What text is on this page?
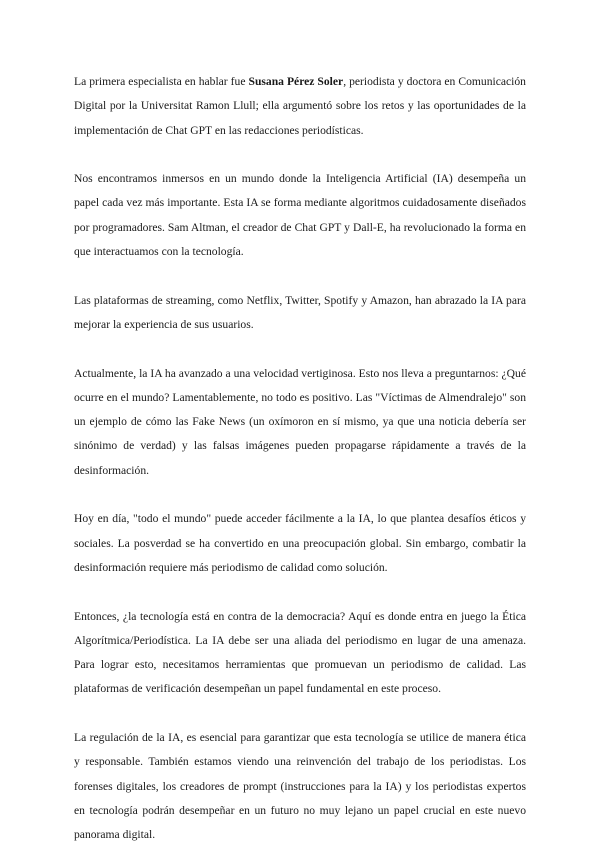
La primera especialista en hablar fue Susana Pérez Soler, periodista y doctora en Comunicación Digital por la Universitat Ramon Llull; ella argumentó sobre los retos y las oportunidades de la implementación de Chat GPT en las redacciones periodísticas.

Nos encontramos inmersos en un mundo donde la Inteligencia Artificial (IA) desempeña un papel cada vez más importante. Esta IA se forma mediante algoritmos cuidadosamente diseñados por programadores. Sam Altman, el creador de Chat GPT y Dall-E, ha revolucionado la forma en que interactuamos con la tecnología.

Las plataformas de streaming, como Netflix, Twitter, Spotify y Amazon, han abrazado la IA para mejorar la experiencia de sus usuarios.

Actualmente, la IA ha avanzado a una velocidad vertiginosa. Esto nos lleva a preguntarnos: ¿Qué ocurre en el mundo? Lamentablemente, no todo es positivo. Las "Víctimas de Almendralejo" son un ejemplo de cómo las Fake News (un oxímoron en sí mismo, ya que una noticia debería ser sinónimo de verdad) y las falsas imágenes pueden propagarse rápidamente a través de la desinformación.

Hoy en día, "todo el mundo" puede acceder fácilmente a la IA, lo que plantea desafíos éticos y sociales. La posverdad se ha convertido en una preocupación global. Sin embargo, combatir la desinformación requiere más periodismo de calidad como solución.

Entonces, ¿la tecnología está en contra de la democracia? Aquí es donde entra en juego la Ética Algorítmica/Periodística. La IA debe ser una aliada del periodismo en lugar de una amenaza. Para lograr esto, necesitamos herramientas que promuevan un periodismo de calidad. Las plataformas de verificación desempeñan un papel fundamental en este proceso.

La regulación de la IA, es esencial para garantizar que esta tecnología se utilice de manera ética y responsable. También estamos viendo una reinvención del trabajo de los periodistas. Los forenses digitales, los creadores de prompt (instrucciones para la IA) y los periodistas expertos en tecnología podrán desempeñar en un futuro no muy lejano un papel crucial en este nuevo panorama digital.
